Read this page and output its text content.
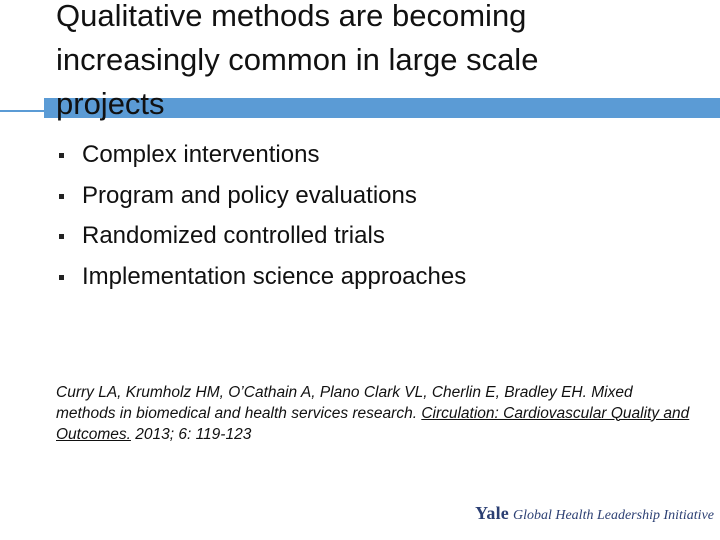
Qualitative methods are becoming
increasingly common in large scale
projects
Complex interventions
Program and policy evaluations
Randomized controlled trials
Implementation science approaches

Curry LA, Krumholz HM, O’Cathain A, Plano Clark VL, Cherlin E, Bradley EH. Mixed methods in biomedical and health services research. Circulation: Cardiovascular Quality and Outcomes. 2013; 6: 119-123

Yale Global Health Leadership Initiative
